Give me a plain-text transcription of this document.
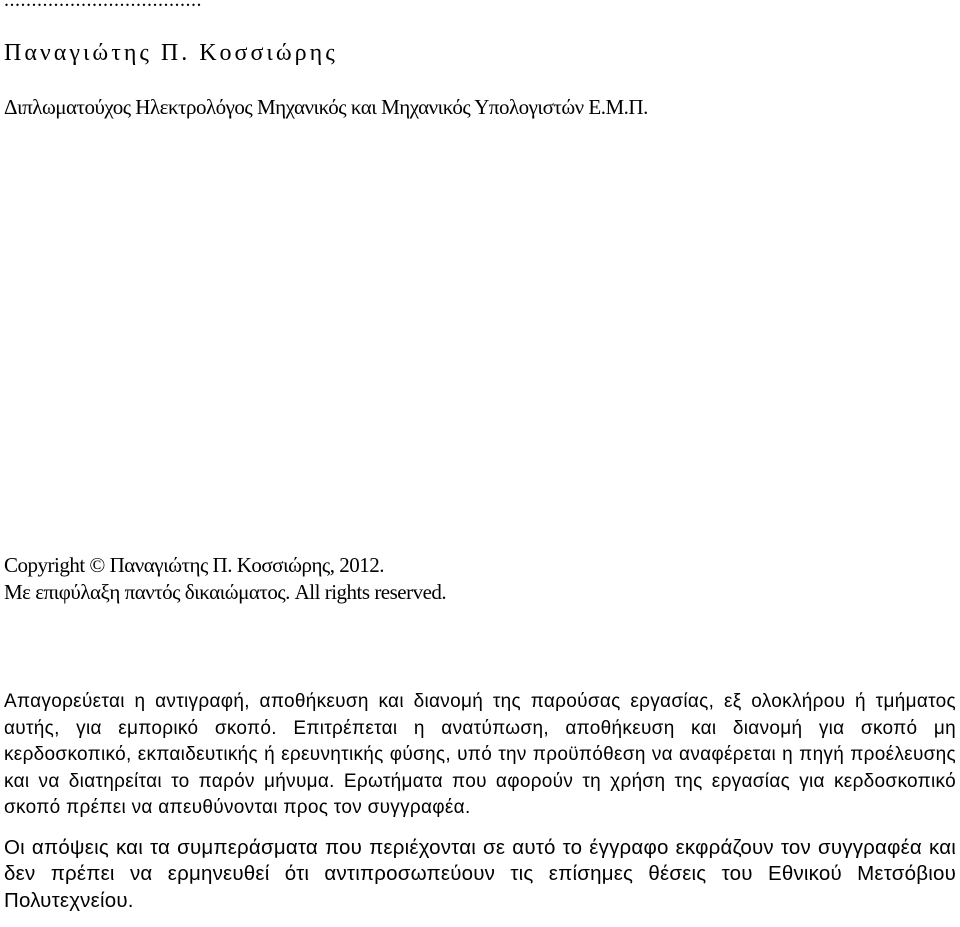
....................................
Παναγιώτης Π. Κοσσιώρης
Διπλωματούχος Ηλεκτρολόγος Μηχανικός και Μηχανικός Υπολογιστών Ε.Μ.Π.
Copyright © Παναγιώτης Π. Κοσσιώρης, 2012.
Με επιφύλαξη παντός δικαιώματος. All rights reserved.

Απαγορεύεται η αντιγραφή, αποθήκευση και διανομή της παρούσας εργασίας, εξ ολοκλήρου ή τμήματος αυτής, για εμπορικό σκοπό. Επιτρέπεται η ανατύπωση, αποθήκευση και διανομή για σκοπό μη κερδοσκοπικό, εκπαιδευτικής ή ερευνητικής φύσης, υπό την προϋπόθεση να αναφέρεται η πηγή προέλευσης και να διατηρείται το παρόν μήνυμα. Ερωτήματα που αφορούν τη χρήση της εργασίας για κερδοσκοπικό σκοπό πρέπει να απευθύνονται προς τον συγγραφέα.

Οι απόψεις και τα συμπεράσματα που περιέχονται σε αυτό το έγγραφο εκφράζουν τον συγγραφέα και δεν πρέπει να ερμηνευθεί ότι αντιπροσωπεύουν τις επίσημες θέσεις του Εθνικού Μετσόβιου Πολυτεχνείου.
